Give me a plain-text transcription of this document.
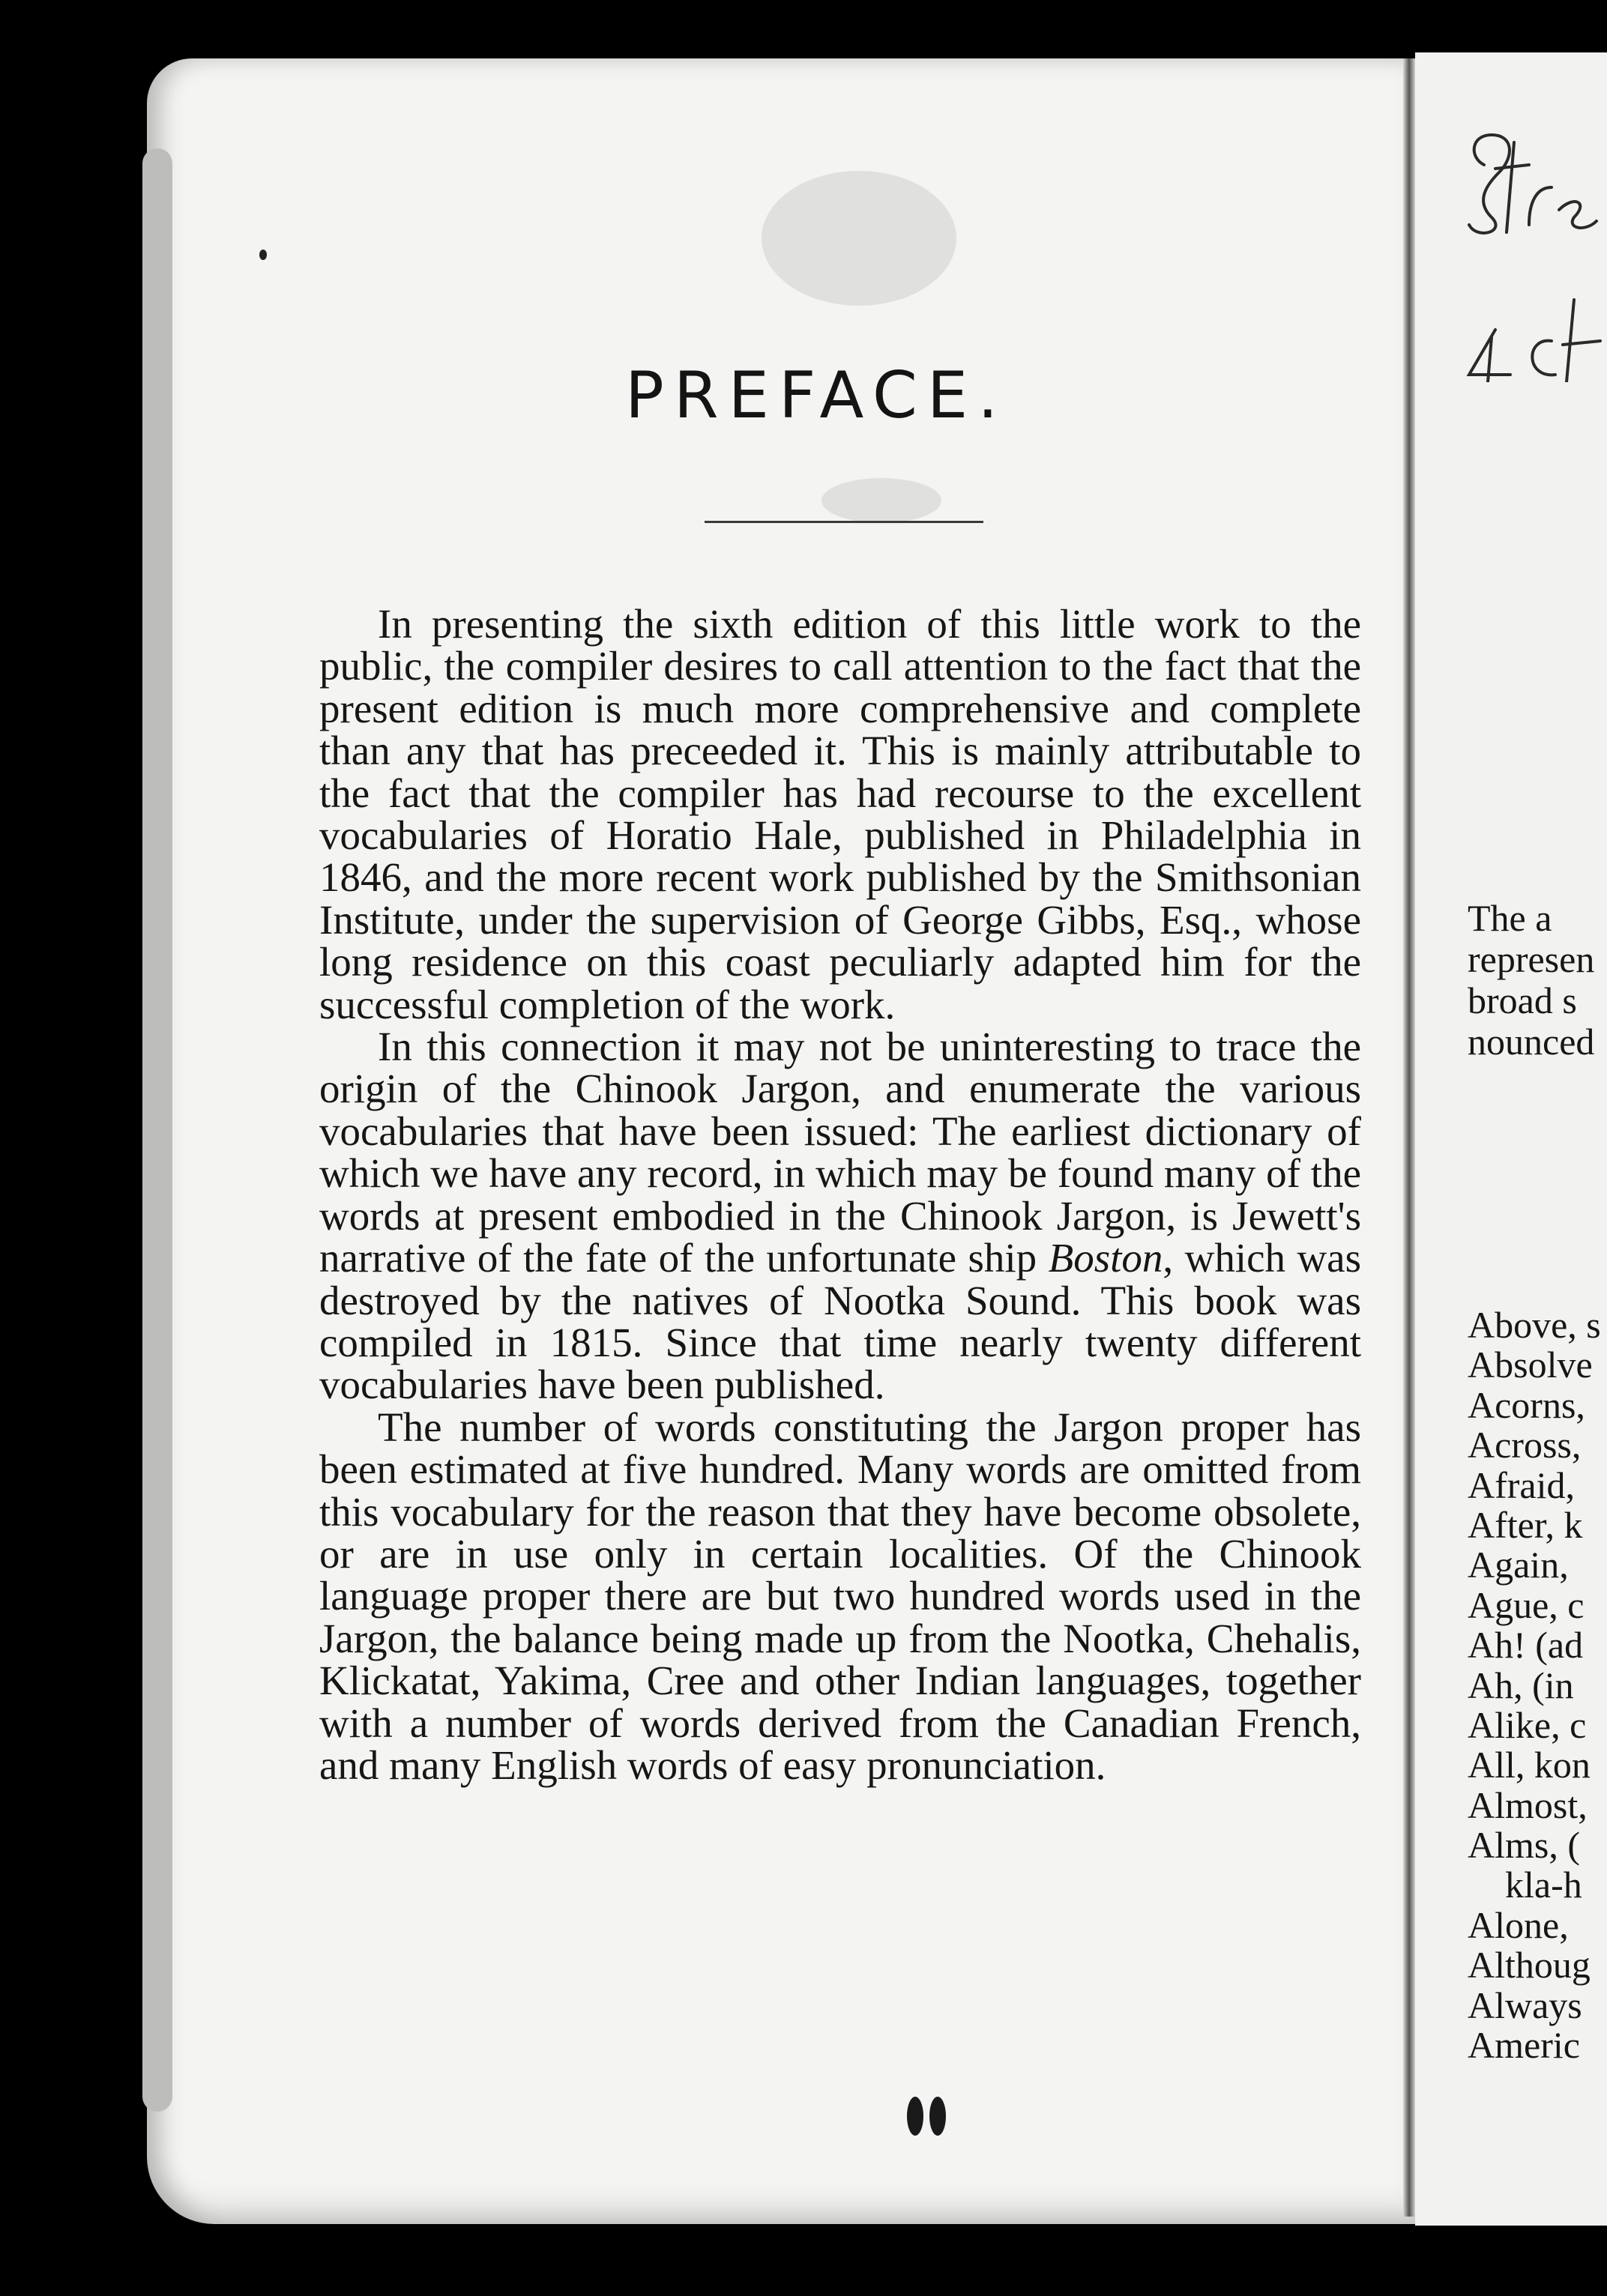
The a
represen
broad s
nounced
Above, s
Absolve
Acorns,
Across,
Afraid,
After, k
Again,
Ague, c
Ah! (ad
Ah, (in
Alike, c
All, kon
Almost,
Alms, (
kla-h
Alone,
Althoug
Always
Americ
PREFACE.

In presenting the sixth edition of this little work to the public, the compiler desires to call attention to the fact that the present edition is much more comprehensive and complete than any that has preceeded it. This is mainly attributable to the fact that the compiler has had recourse to the excellent vocabularies of Horatio Hale, published in Philadelphia in 1846, and the more recent work published by the Smithsonian Institute, under the supervision of George Gibbs, Esq., whose long residence on this coast peculiarly adapted him for the successful completion of the work.

In this connection it may not be uninteresting to trace the origin of the Chinook Jargon, and enumerate the various vocabularies that have been issued: The earliest dictionary of which we have any record, in which may be found many of the words at present embodied in the Chinook Jargon, is Jewett's narrative of the fate of the unfortunate ship Boston, which was destroyed by the natives of Nootka Sound. This book was compiled in 1815. Since that time nearly twenty different vocabularies have been published.

The number of words constituting the Jargon proper has been estimated at five hundred. Many words are omitted from this vocabulary for the reason that they have become obsolete, or are in use only in certain localities. Of the Chinook language proper there are but two hundred words used in the Jargon, the balance being made up from the Nootka, Chehalis, Klickatat, Yakima, Cree and other Indian languages, together with a number of words derived from the Canadian French, and many English words of easy pronunciation.
